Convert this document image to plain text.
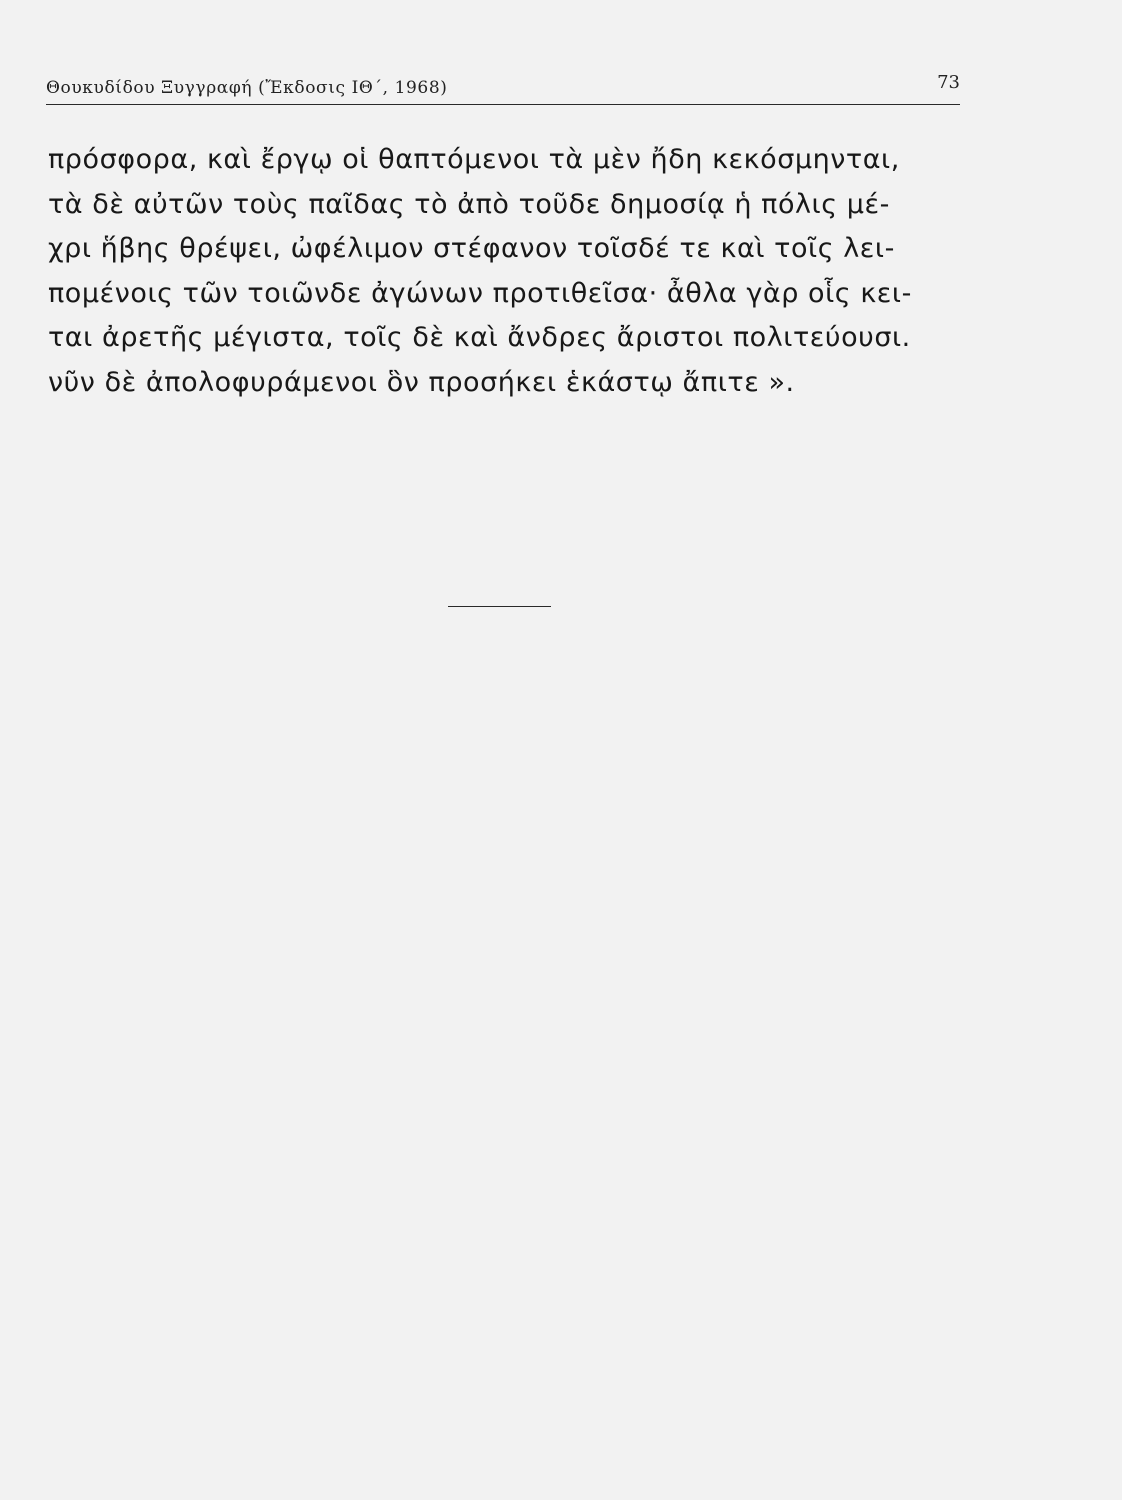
Θουκυδίδου Ξυγγραφή (Ἔκδοσις ΙΘ΄, 1968)	73
πρόσφορα, καὶ ἔργῳ οἱ θαπτόμενοι τὰ μὲν ἤδη κεκόσμηνται,
τὰ δὲ αὐτῶν τοὺς παῖδας τὸ ἀπὸ τοῦδε δημοσίᾳ ἡ πόλις μέ-
χρι ἥβης θρέψει, ὠφέλιμον στέφανον τοῖσδέ τε καὶ τοῖς λει-
πομένοις τῶν τοιῶνδε ἀγώνων προτιθεῖσα· ἆθλα γὰρ οἷς κει-
ται ἀρετῆς μέγιστα, τοῖς δὲ καὶ ἄνδρες ἄριστοι πολιτεύουσι.
νῦν δὲ ἀπολοφυράμενοι ὃν προσήκει ἑκάστῳ ἄπιτε ».
